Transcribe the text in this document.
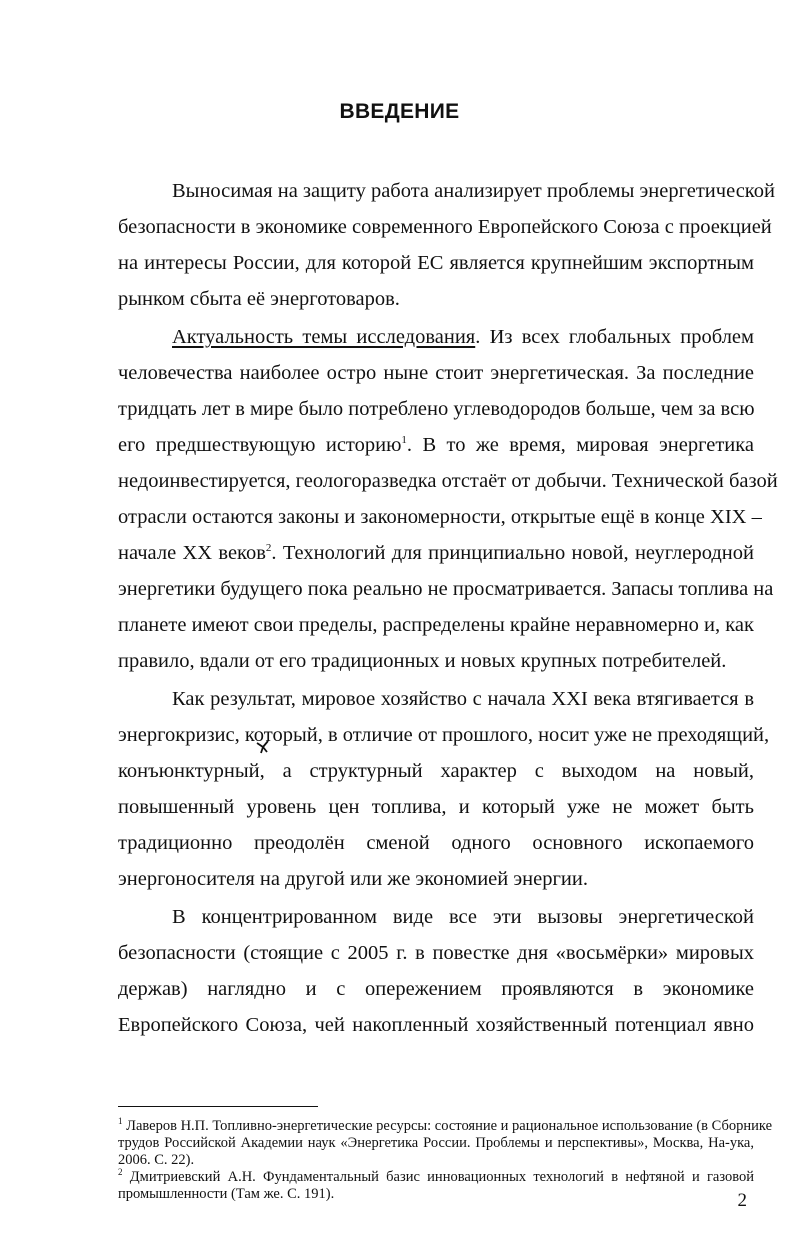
ВВЕДЕНИЕ
Выносимая на защиту работа анализирует проблемы энергетической
безопасности в экономике современного Европейского Союза с проекцией
на интересы России, для которой ЕС является крупнейшим экспортным
рынком сбыта её энерготоваров.
Актуальность темы исследования. Из всех глобальных проблем
человечества наиболее остро ныне стоит энергетическая. За последние
тридцать лет в мире было потреблено углеводородов больше, чем за всю
его предшествующую историю$^1$. В то же время, мировая энергетика
недоинвестируется, геологоразведка отстаёт от добычи. Технической базой
отрасли остаются законы и закономерности, открытые ещё в конце XIX –
начале XX веков$^2$. Технологий для принципиально новой, неуглеродной
энергетики будущего пока реально не просматривается. Запасы топлива на
планете имеют свои пределы, распределены крайне неравномерно и, как
правило, вдали от его традиционных и новых крупных потребителей.
Как результат, мировое хозяйство с начала XXI века втягивается в
энергокризис, который, в отличие от прошлого, носит уже не преходящий,
конъюнктурный, а структурный характер с выходом на новый,
повышенный уровень цен топлива, и который уже не может быть
традиционно преодолён сменой одного основного ископаемого
энергоносителя на другой или же экономией энергии.
В концентрированном виде все эти вызовы энергетической
безопасности (стоящие с 2005 г. в повестке дня «восьмёрки» мировых
держав) наглядно и с опережением проявляются в экономике
Европейского Союза, чей накопленный хозяйственный потенциал явно
$^1$ Лаверов Н.П. Топливно-энергетические ресурсы: состояние и рациональное использование (в Сборнике
трудов Российской Академии наук «Энергетика России. Проблемы и перспективы», Москва, На-ука,
2006. С. 22).
$^2$ Дмитриевский А.Н. Фундаментальный базис инновационных технологий в нефтяной и газовой
промышленности (Там же. С. 191).	2
